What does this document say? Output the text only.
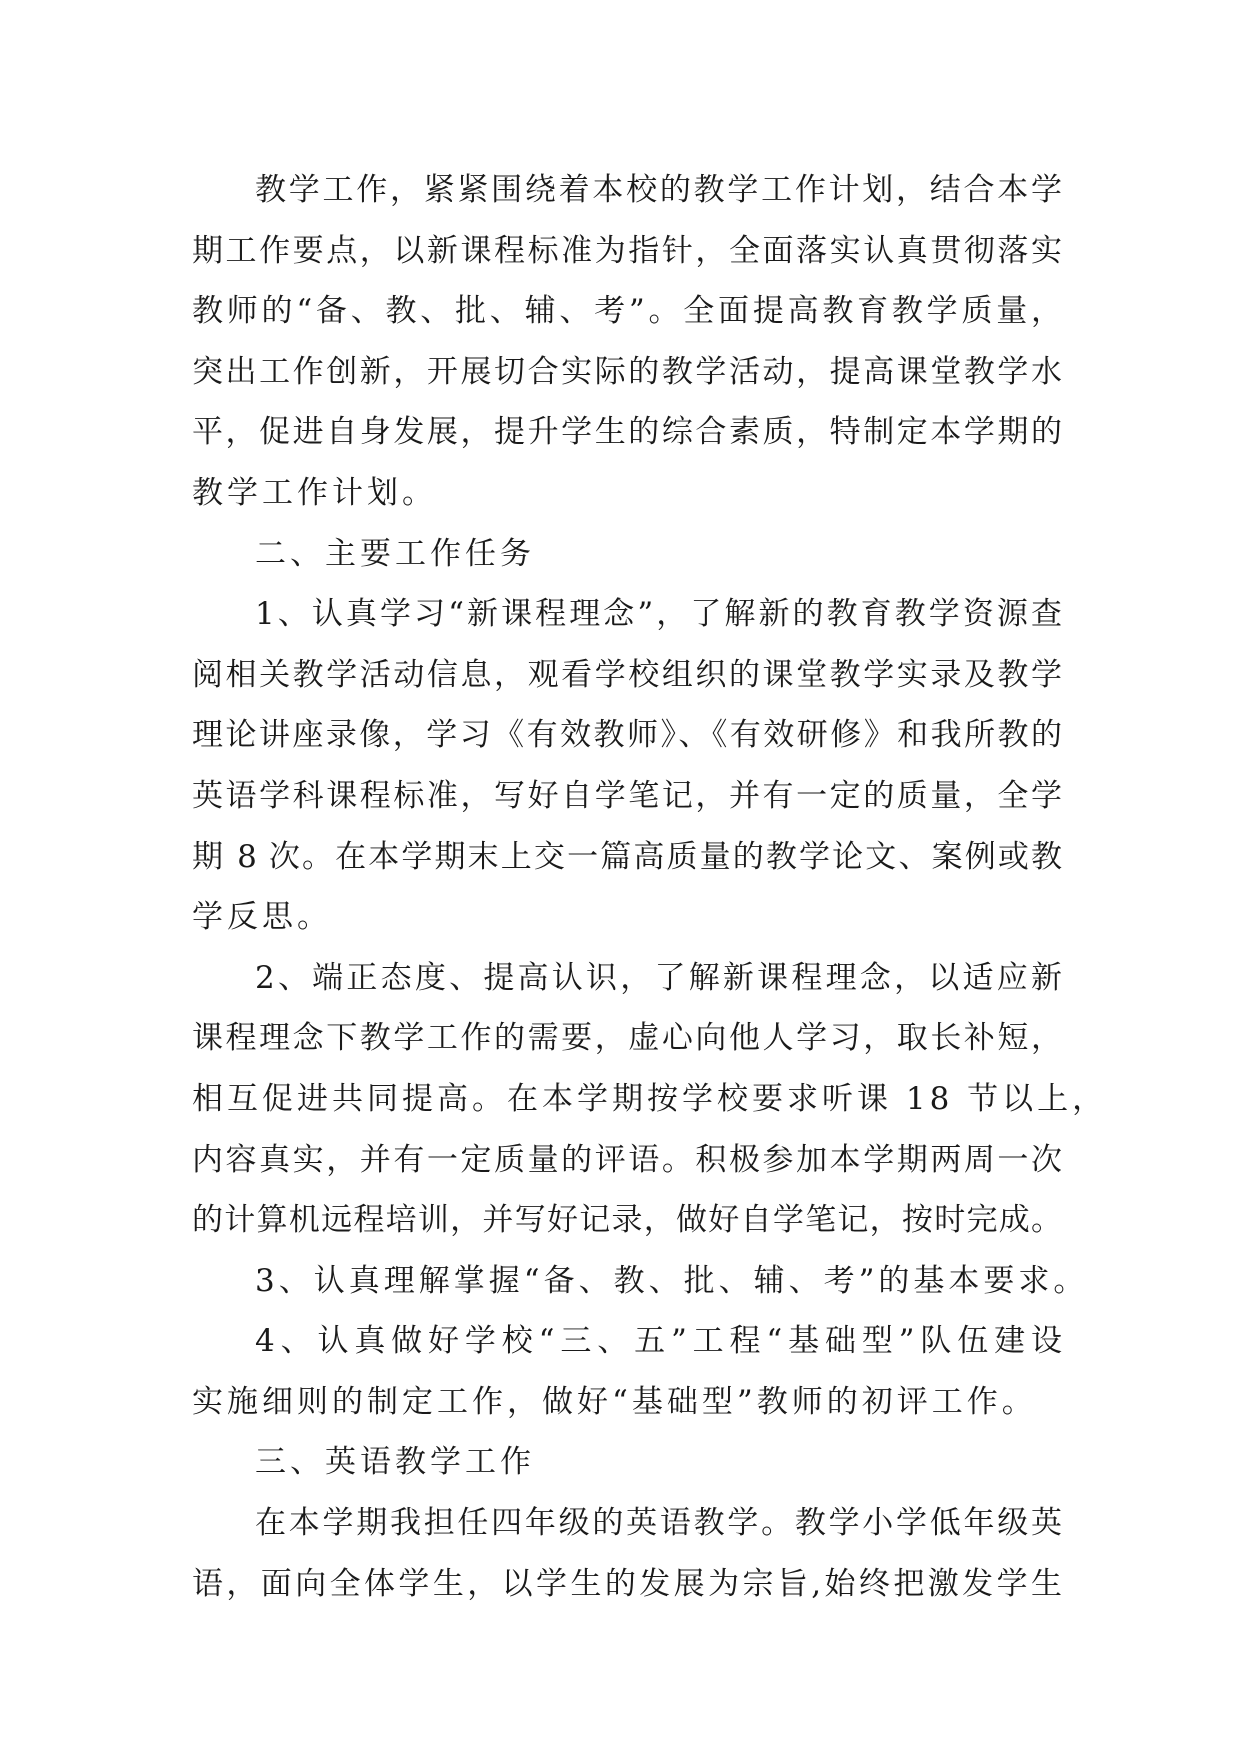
教学工作，紧紧围绕着本校的教学工作计划，结合本学
期工作要点，以新课程标准为指针，全面落实认真贯彻落实
教师的“备、教、批、辅、考”。全面提高教育教学质量，
突出工作创新，开展切合实际的教学活动，提高课堂教学水
平，促进自身发展，提升学生的综合素质，特制定本学期的
教学工作计划。
二、主要工作任务
1、认真学习“新课程理念”，了解新的教育教学资源查
阅相关教学活动信息，观看学校组织的课堂教学实录及教学
理论讲座录像，学习《有效教师》、《有效研修》和我所教的
英语学科课程标准，写好自学笔记，并有一定的质量，全学
期 8 次。在本学期末上交一篇高质量的教学论文、案例或教
学反思。
2、端正态度、提高认识，了解新课程理念，以适应新
课程理念下教学工作的需要，虚心向他人学习，取长补短，
相互促进共同提高。在本学期按学校要求听课 18 节以上，
内容真实，并有一定质量的评语。积极参加本学期两周一次
的计算机远程培训，并写好记录，做好自学笔记，按时完成。
3、认真理解掌握“备、教、批、辅、考”的基本要求。
4、认真做好学校“三、五”工程“基础型”队伍建设
实施细则的制定工作，做好“基础型”教师的初评工作。
三、英语教学工作
在本学期我担任四年级的英语教学。教学小学低年级英
语，面向全体学生，以学生的发展为宗旨,始终把激发学生
